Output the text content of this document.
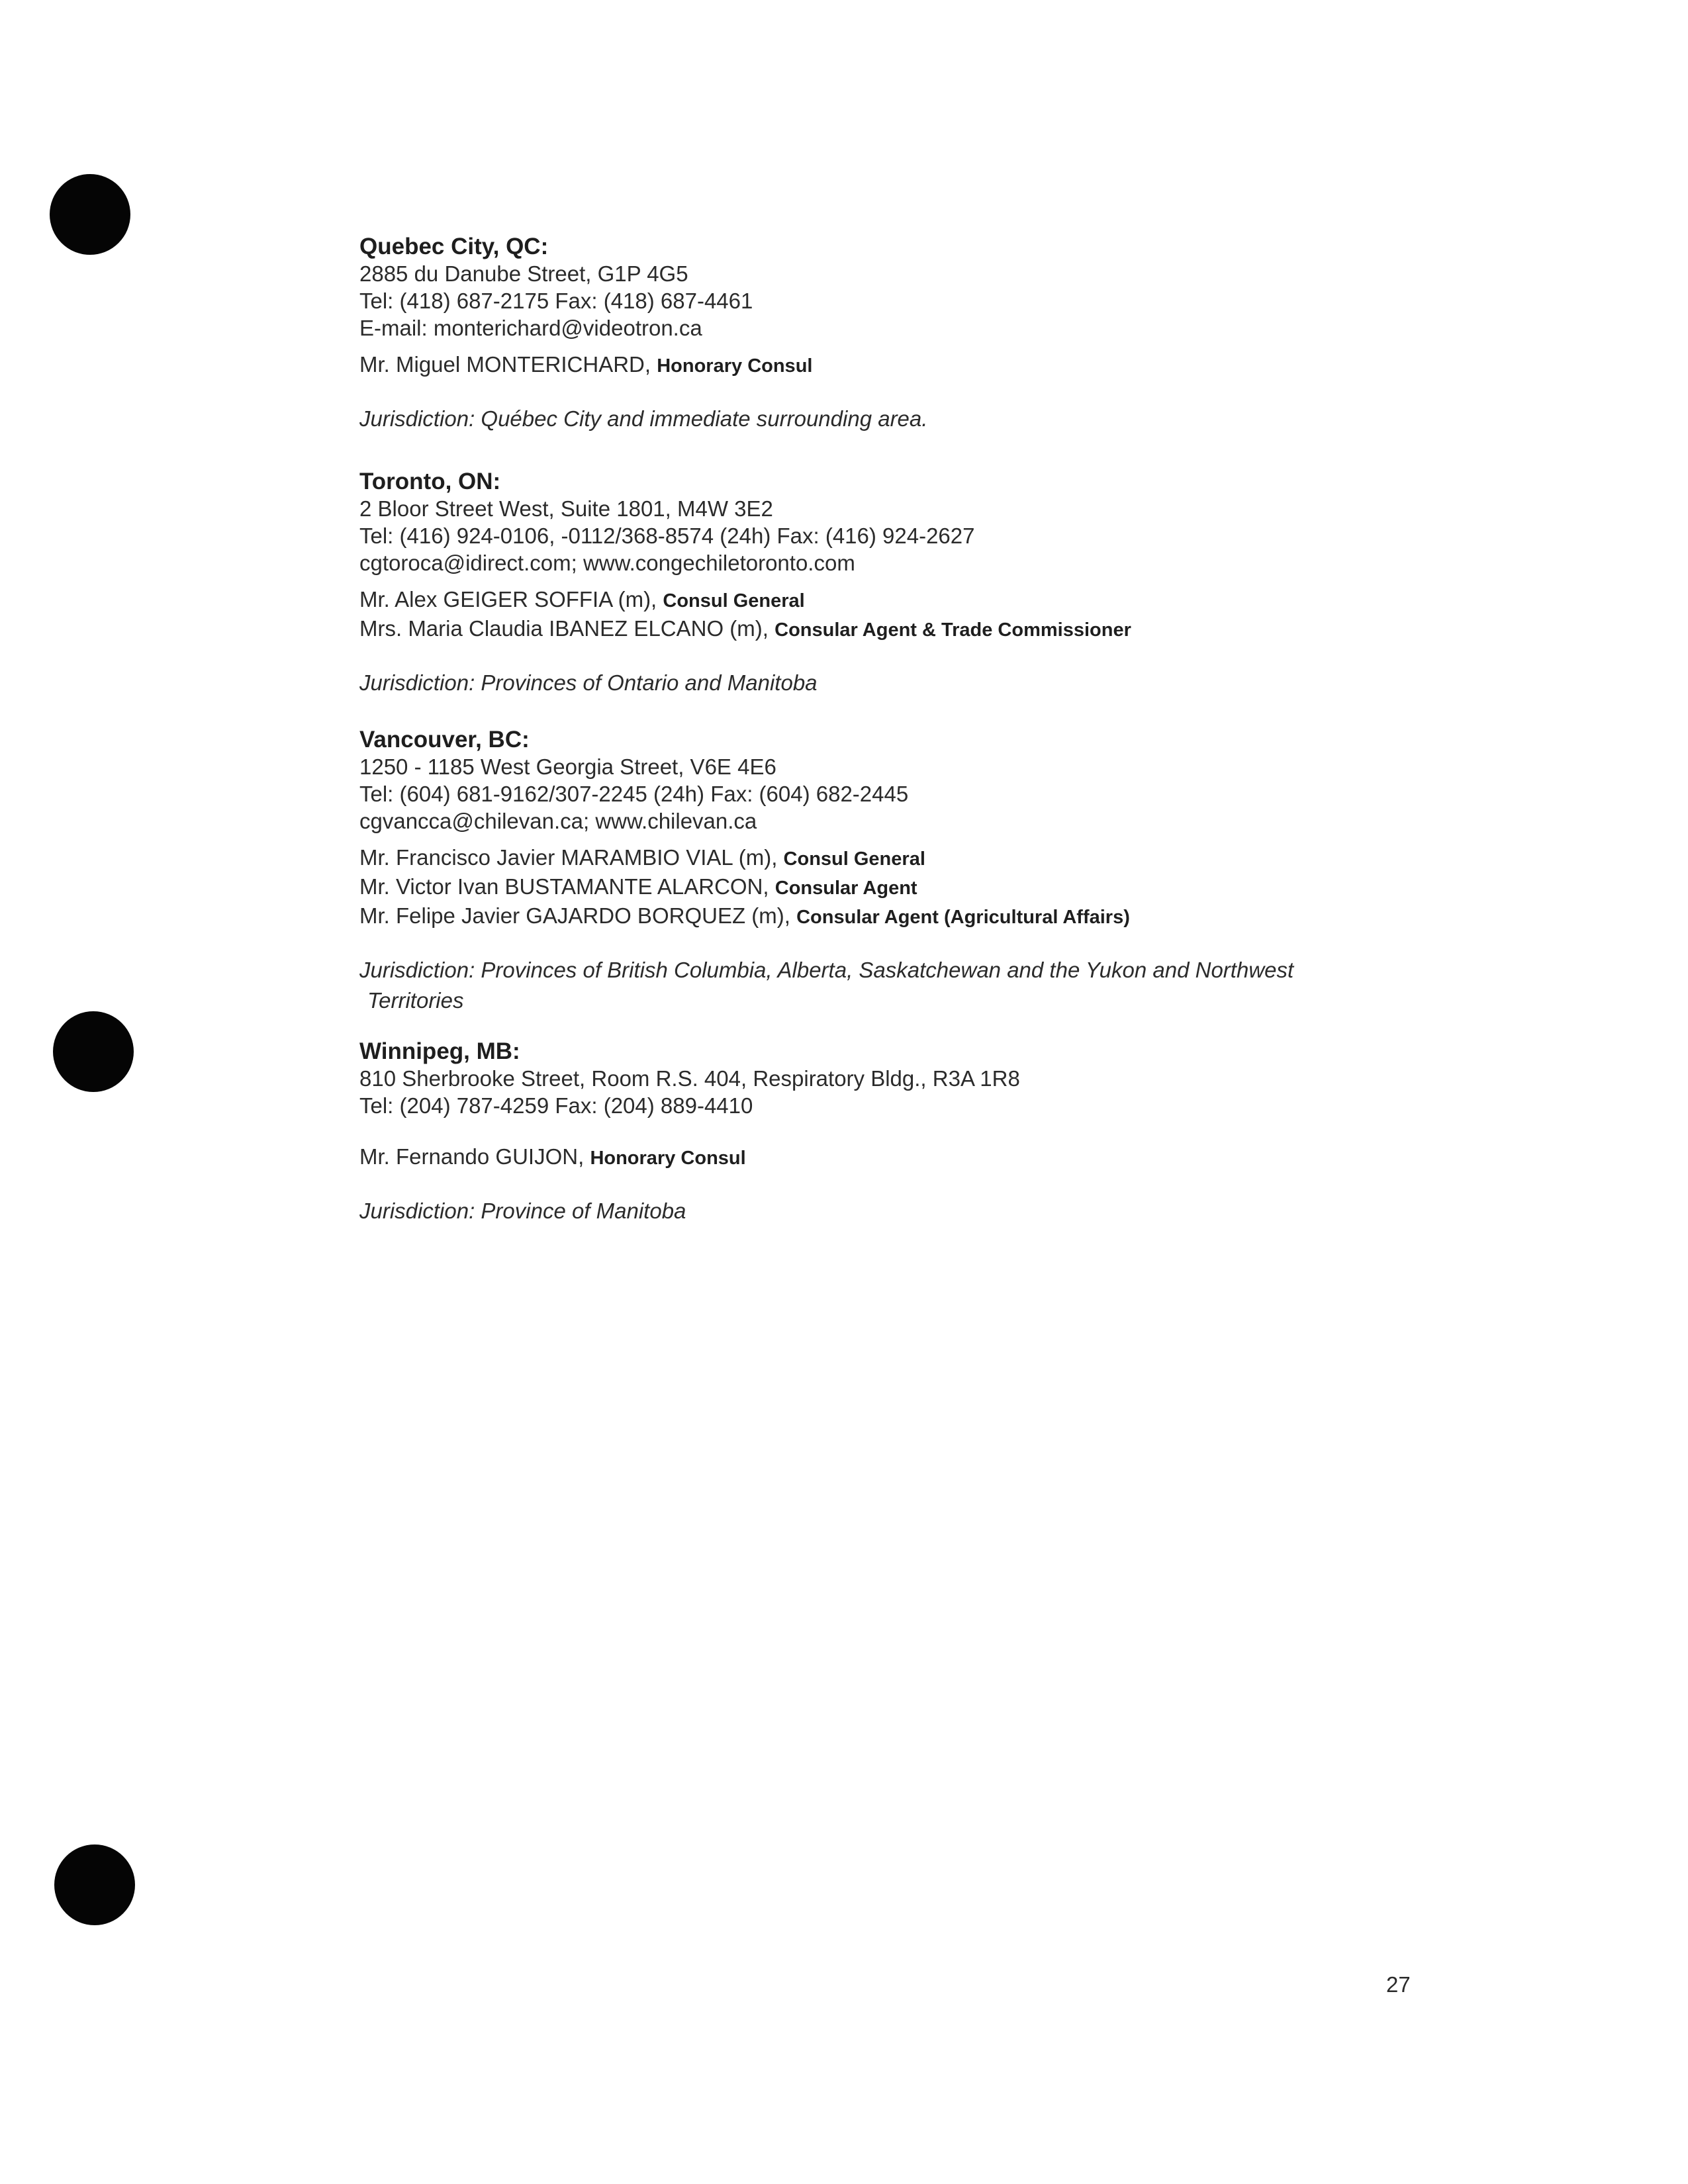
Quebec City, QC:
2885 du Danube Street, G1P 4G5
Tel: (418) 687-2175 Fax: (418) 687-4461
E-mail: monterichard@videotron.ca
Mr. Miguel MONTERICHARD, Honorary Consul
Jurisdiction: Québec City and immediate surrounding area.
Toronto, ON:
2 Bloor Street West, Suite 1801, M4W 3E2
Tel: (416) 924-0106, -0112/368-8574 (24h) Fax: (416) 924-2627
cgtoroca@idirect.com; www.congechiletoronto.com
Mr. Alex GEIGER SOFFIA (m), Consul General
Mrs. Maria Claudia IBANEZ ELCANO (m), Consular Agent & Trade Commissioner
Jurisdiction: Provinces of Ontario and Manitoba
Vancouver, BC:
1250 - 1185 West Georgia Street, V6E 4E6
Tel: (604) 681-9162/307-2245 (24h) Fax: (604) 682-2445
cgvancca@chilevan.ca; www.chilevan.ca
Mr. Francisco Javier MARAMBIO VIAL (m), Consul General
Mr. Victor Ivan BUSTAMANTE ALARCON, Consular Agent
Mr. Felipe Javier GAJARDO BORQUEZ (m), Consular Agent (Agricultural Affairs)
Jurisdiction: Provinces of British Columbia, Alberta, Saskatchewan and the Yukon and Northwest
Territories
Winnipeg, MB:
810 Sherbrooke Street, Room R.S. 404, Respiratory Bldg., R3A 1R8
Tel: (204) 787-4259 Fax: (204) 889-4410
Mr. Fernando GUIJON, Honorary Consul
Jurisdiction: Province of Manitoba
27
